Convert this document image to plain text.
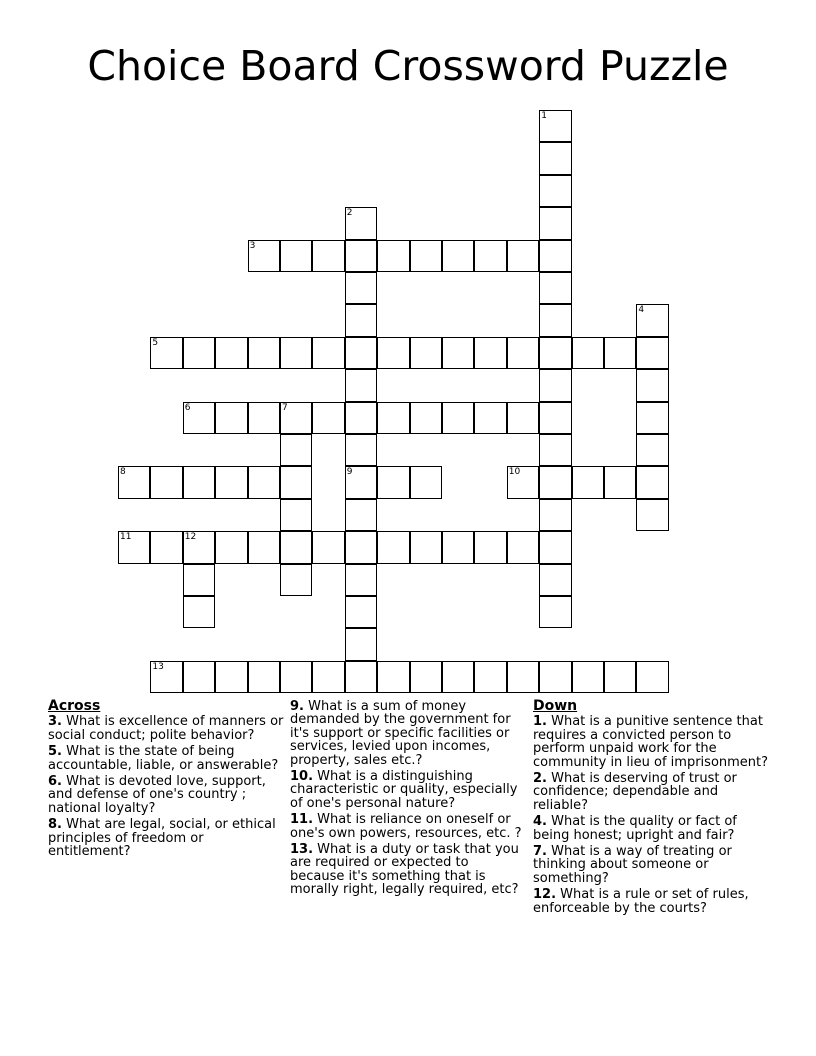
Choice Board Crossword Puzzle
1
2
9
3
4
5
6	7
8	10
11	12
13
Across
3. What is excellence of manners or social conduct; polite behavior?
5. What is the state of being accountable, liable, or answerable?
6. What is devoted love, support, and defense of one's country ; national loyalty?
8. What are legal, social, or ethical principles of freedom or entitlement?
9. What is a sum of money demanded by the government for it's support or specific facilities or services, levied upon incomes, property, sales etc.?
10. What is a distinguishing characteristic or quality, especially of one's personal nature?
11. What is reliance on oneself or one's own powers, resources, etc. ?
13. What is a duty or task that you are required or expected to because it's something that is morally right, legally required, etc?
Down
1. What is a punitive sentence that requires a convicted person to perform unpaid work for the community in lieu of imprisonment?
2. What is deserving of trust or confidence; dependable and reliable?
4. What is the quality or fact of being honest; upright and fair?
7. What is a way of treating or thinking about someone or something?
12. What is a rule or set of rules, enforceable by the courts?
